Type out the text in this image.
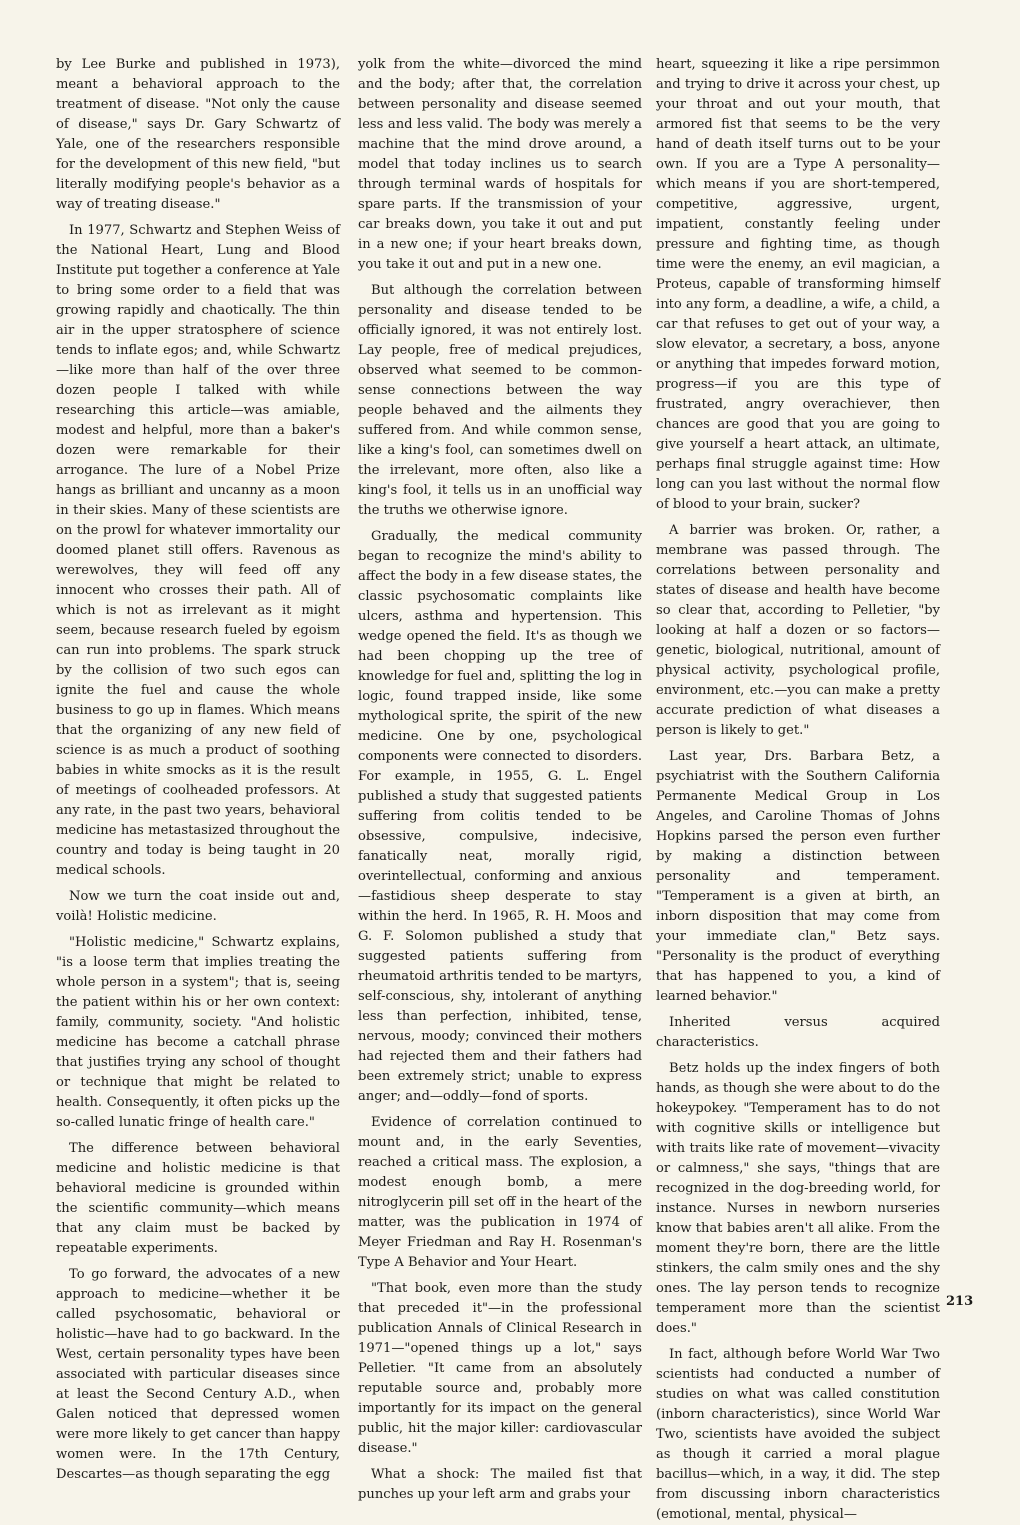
by Lee Burke and published in 1973), meant a behavioral approach to the treatment of disease. "Not only the cause of disease," says Dr. Gary Schwartz of Yale, one of the researchers responsible for the development of this new field, "but literally modifying people's behavior as a way of treating disease."

In 1977, Schwartz and Stephen Weiss of the National Heart, Lung and Blood Institute put together a conference at Yale to bring some order to a field that was growing rapidly and chaotically. The thin air in the upper stratosphere of science tends to inflate egos; and, while Schwartz—like more than half of the over three dozen people I talked with while researching this article—was amiable, modest and helpful, more than a baker's dozen were remarkable for their arrogance. The lure of a Nobel Prize hangs as brilliant and uncanny as a moon in their skies. Many of these scientists are on the prowl for whatever immortality our doomed planet still offers. Ravenous as werewolves, they will feed off any innocent who crosses their path. All of which is not as irrelevant as it might seem, because research fueled by egoism can run into problems. The spark struck by the collision of two such egos can ignite the fuel and cause the whole business to go up in flames. Which means that the organizing of any new field of science is as much a product of soothing babies in white smocks as it is the result of meetings of coolheaded professors. At any rate, in the past two years, behavioral medicine has metastasized throughout the country and today is being taught in 20 medical schools.

Now we turn the coat inside out and, voilà! Holistic medicine.

"Holistic medicine," Schwartz explains, "is a loose term that implies treating the whole person in a system"; that is, seeing the patient within his or her own context: family, community, society. "And holistic medicine has become a catchall phrase that justifies trying any school of thought or technique that might be related to health. Consequently, it often picks up the so-called lunatic fringe of health care."

The difference between behavioral medicine and holistic medicine is that behavioral medicine is grounded within the scientific community—which means that any claim must be backed by repeatable experiments.

To go forward, the advocates of a new approach to medicine—whether it be called psychosomatic, behavioral or holistic—have had to go backward. In the West, certain personality types have been associated with particular diseases since at least the Second Century A.D., when Galen noticed that depressed women were more likely to get cancer than happy women were. In the 17th Century, Descartes—as though separating the egg

yolk from the white—divorced the mind and the body; after that, the correlation between personality and disease seemed less and less valid. The body was merely a machine that the mind drove around, a model that today inclines us to search through terminal wards of hospitals for spare parts. If the transmission of your car breaks down, you take it out and put in a new one; if your heart breaks down, you take it out and put in a new one.

But although the correlation between personality and disease tended to be officially ignored, it was not entirely lost. Lay people, free of medical prejudices, observed what seemed to be common-sense connections between the way people behaved and the ailments they suffered from. And while common sense, like a king's fool, can sometimes dwell on the irrelevant, more often, also like a king's fool, it tells us in an unofficial way the truths we otherwise ignore.

Gradually, the medical community began to recognize the mind's ability to affect the body in a few disease states, the classic psychosomatic complaints like ulcers, asthma and hypertension. This wedge opened the field. It's as though we had been chopping up the tree of knowledge for fuel and, splitting the log in logic, found trapped inside, like some mythological sprite, the spirit of the new medicine. One by one, psychological components were connected to disorders. For example, in 1955, G. L. Engel published a study that suggested patients suffering from colitis tended to be obsessive, compulsive, indecisive, fanatically neat, morally rigid, overintellectual, conforming and anxious—fastidious sheep desperate to stay within the herd. In 1965, R. H. Moos and G. F. Solomon published a study that suggested patients suffering from rheumatoid arthritis tended to be martyrs, self-conscious, shy, intolerant of anything less than perfection, inhibited, tense, nervous, moody; convinced their mothers had rejected them and their fathers had been extremely strict; unable to express anger; and—oddly—fond of sports.

Evidence of correlation continued to mount and, in the early Seventies, reached a critical mass. The explosion, a modest enough bomb, a mere nitroglycerin pill set off in the heart of the matter, was the publication in 1974 of Meyer Friedman and Ray H. Rosenman's Type A Behavior and Your Heart.

"That book, even more than the study that preceded it"—in the professional publication Annals of Clinical Research in 1971—"opened things up a lot," says Pelletier. "It came from an absolutely reputable source and, probably more importantly for its impact on the general public, hit the major killer: cardiovascular disease."

What a shock: The mailed fist that punches up your left arm and grabs your

heart, squeezing it like a ripe persimmon and trying to drive it across your chest, up your throat and out your mouth, that armored fist that seems to be the very hand of death itself turns out to be your own. If you are a Type A personality—which means if you are short-tempered, competitive, aggressive, urgent, impatient, constantly feeling under pressure and fighting time, as though time were the enemy, an evil magician, a Proteus, capable of transforming himself into any form, a deadline, a wife, a child, a car that refuses to get out of your way, a slow elevator, a secretary, a boss, anyone or anything that impedes forward motion, progress—if you are this type of frustrated, angry overachiever, then chances are good that you are going to give yourself a heart attack, an ultimate, perhaps final struggle against time: How long can you last without the normal flow of blood to your brain, sucker?

A barrier was broken. Or, rather, a membrane was passed through. The correlations between personality and states of disease and health have become so clear that, according to Pelletier, "by looking at half a dozen or so factors—genetic, biological, nutritional, amount of physical activity, psychological profile, environment, etc.—you can make a pretty accurate prediction of what diseases a person is likely to get."

Last year, Drs. Barbara Betz, a psychiatrist with the Southern California Permanente Medical Group in Los Angeles, and Caroline Thomas of Johns Hopkins parsed the person even further by making a distinction between personality and temperament. "Temperament is a given at birth, an inborn disposition that may come from your immediate clan," Betz says. "Personality is the product of everything that has happened to you, a kind of learned behavior."

Inherited versus acquired characteristics.

Betz holds up the index fingers of both hands, as though she were about to do the hokeypokey. "Temperament has to do not with cognitive skills or intelligence but with traits like rate of movement—vivacity or calmness," she says, "things that are recognized in the dog-breeding world, for instance. Nurses in newborn nurseries know that babies aren't all alike. From the moment they're born, there are the little stinkers, the calm smily ones and the shy ones. The lay person tends to recognize temperament more than the scientist does."

In fact, although before World War Two scientists had conducted a number of studies on what was called constitution (inborn characteristics), since World War Two, scientists have avoided the subject as though it carried a moral plague bacillus—which, in a way, it did. The step from discussing inborn characteristics (emotional, mental, physical—

213
